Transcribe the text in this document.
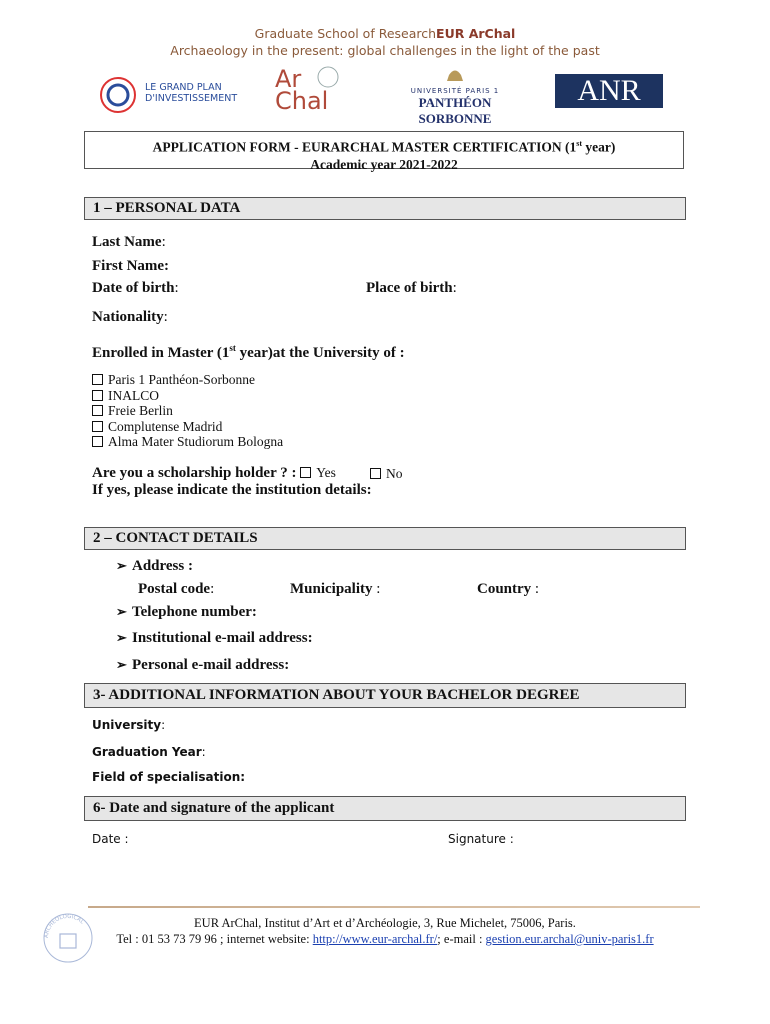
Graduate School of ResearchEUR ArChal
Archaeology in the present: global challenges in the light of the past
LE GRAND PLAN
D'INVESTISSEMENT
Ar
Chal	UNIVERSITÉ PARIS 1
PANTHÉON SORBONNE
ANR
APPLICATION FORM - EURARCHAL MASTER CERTIFICATION (1st year)
Academic year 2021-2022
1 – PERSONAL DATA
Last Name:
First Name:
Date of birth:	Place of birth:
Nationality:
Enrolled in Master (1st year)at the University of :
Paris 1 Panthéon-Sorbonne
INALCO
Freie Berlin
Complutense Madrid
Alma Mater Studiorum Bologna
Are you a scholarship holder ? : Yes	No
If yes, please indicate the institution details:
2 – CONTACT DETAILS
➢ Address :
Postal code:	Municipality :	Country :
➢ Telephone number:
➢ Institutional e-mail address:
➢ Personal e-mail address:
3- ADDITIONAL INFORMATION ABOUT YOUR BACHELOR DEGREE
University:
Graduation Year:
Field of specialisation:
6- Date and signature of the applicant
Date :	Signature :
ARCHÉOLOGICAL	EUR ArChal, Institut d’Art et d’Archéologie, 3, Rue Michelet, 75006, Paris.
Tel : 01 53 73 79 96 ; internet website: http://www.eur-archal.fr/; e-mail : gestion.eur.archal@univ-paris1.fr
